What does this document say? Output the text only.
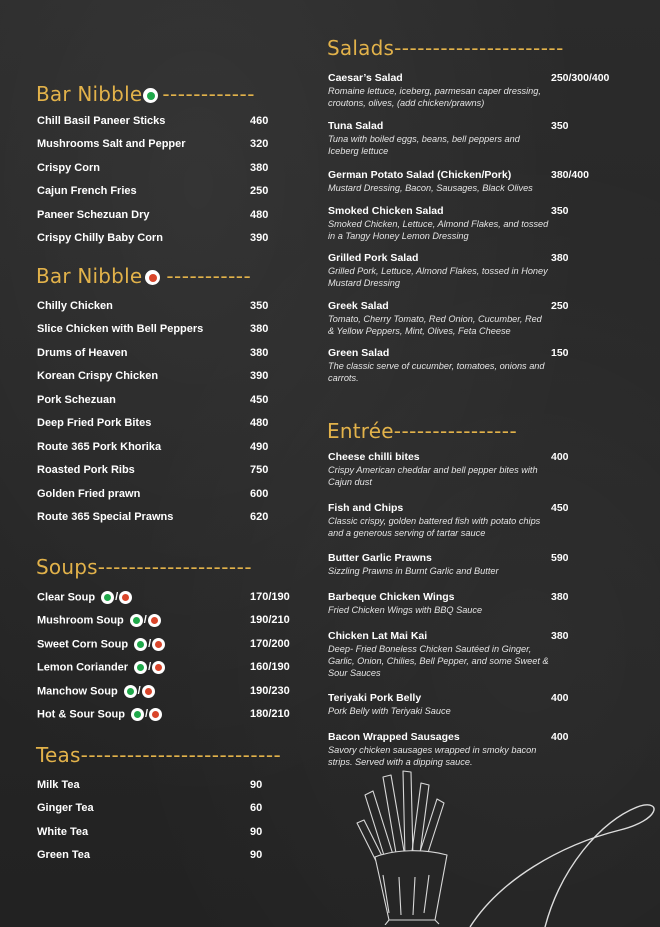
Bar Nibble ------------
Chill Basil Paneer Sticks	460
Mushrooms Salt and Pepper	320
Crispy Corn	380
Cajun French Fries	250
Paneer Schezuan Dry	480
Crispy Chilly Baby Corn	390
Bar Nibble -----------
Chilly Chicken	350
Slice Chicken with Bell Peppers	380
Drums of Heaven	380
Korean Crispy Chicken	390
Pork Schezuan	450
Deep Fried Pork Bites	480
Route 365 Pork Khorika	490
Roasted Pork Ribs	750
Golden Fried prawn	600
Route 365 Special Prawns	620
Soups--------------------
Clear Soup /	170/190
Mushroom Soup /	190/210
Sweet Corn Soup /	170/200
Lemon Coriander /	160/190
Manchow Soup /	190/230
Hot & Sour Soup /	180/210
Teas--------------------------
Milk Tea	90
Ginger Tea	60
White Tea	90
Green Tea	90
Salads----------------------
Caesar’s Salad	250/300/400
Romaine lettuce, iceberg, parmesan caper dressing, croutons, olives, (add chicken/prawns)
Tuna Salad	350
Tuna with boiled eggs, beans, bell peppers and Iceberg lettuce
German Potato Salad (Chicken/Pork)	380/400
Mustard Dressing, Bacon, Sausages, Black Olives
Smoked Chicken Salad	350
Smoked Chicken, Lettuce, Almond Flakes, and tossed in a Tangy Honey Lemon Dressing
Grilled Pork Salad	380
Grilled Pork, Lettuce, Almond Flakes, tossed in Honey Mustard Dressing
Greek Salad	250
Tomato, Cherry Tomato, Red Onion, Cucumber, Red & Yellow Peppers, Mint, Olives, Feta Cheese
Green Salad	150
The classic serve of cucumber, tomatoes, onions and carrots.
Entrée----------------
Cheese chilli bites	400
Crispy American cheddar and bell pepper bites with Cajun dust
Fish and Chips	450
Classic crispy, golden battered fish with potato chips and a generous serving of tartar sauce
Butter Garlic Prawns	590
Sizzling Prawns in Burnt Garlic and Butter
Barbeque Chicken Wings	380
Fried Chicken Wings with BBQ Sauce
Chicken Lat Mai Kai	380
Deep- Fried Boneless Chicken Sautéed in Ginger, Garlic, Onion, Chilies, Bell Pepper, and some Sweet & Sour Sauces
Teriyaki Pork Belly	400
Pork Belly with Teriyaki Sauce
Bacon Wrapped Sausages	400
Savory chicken sausages wrapped in smoky bacon strips. Served with a dipping sauce.
